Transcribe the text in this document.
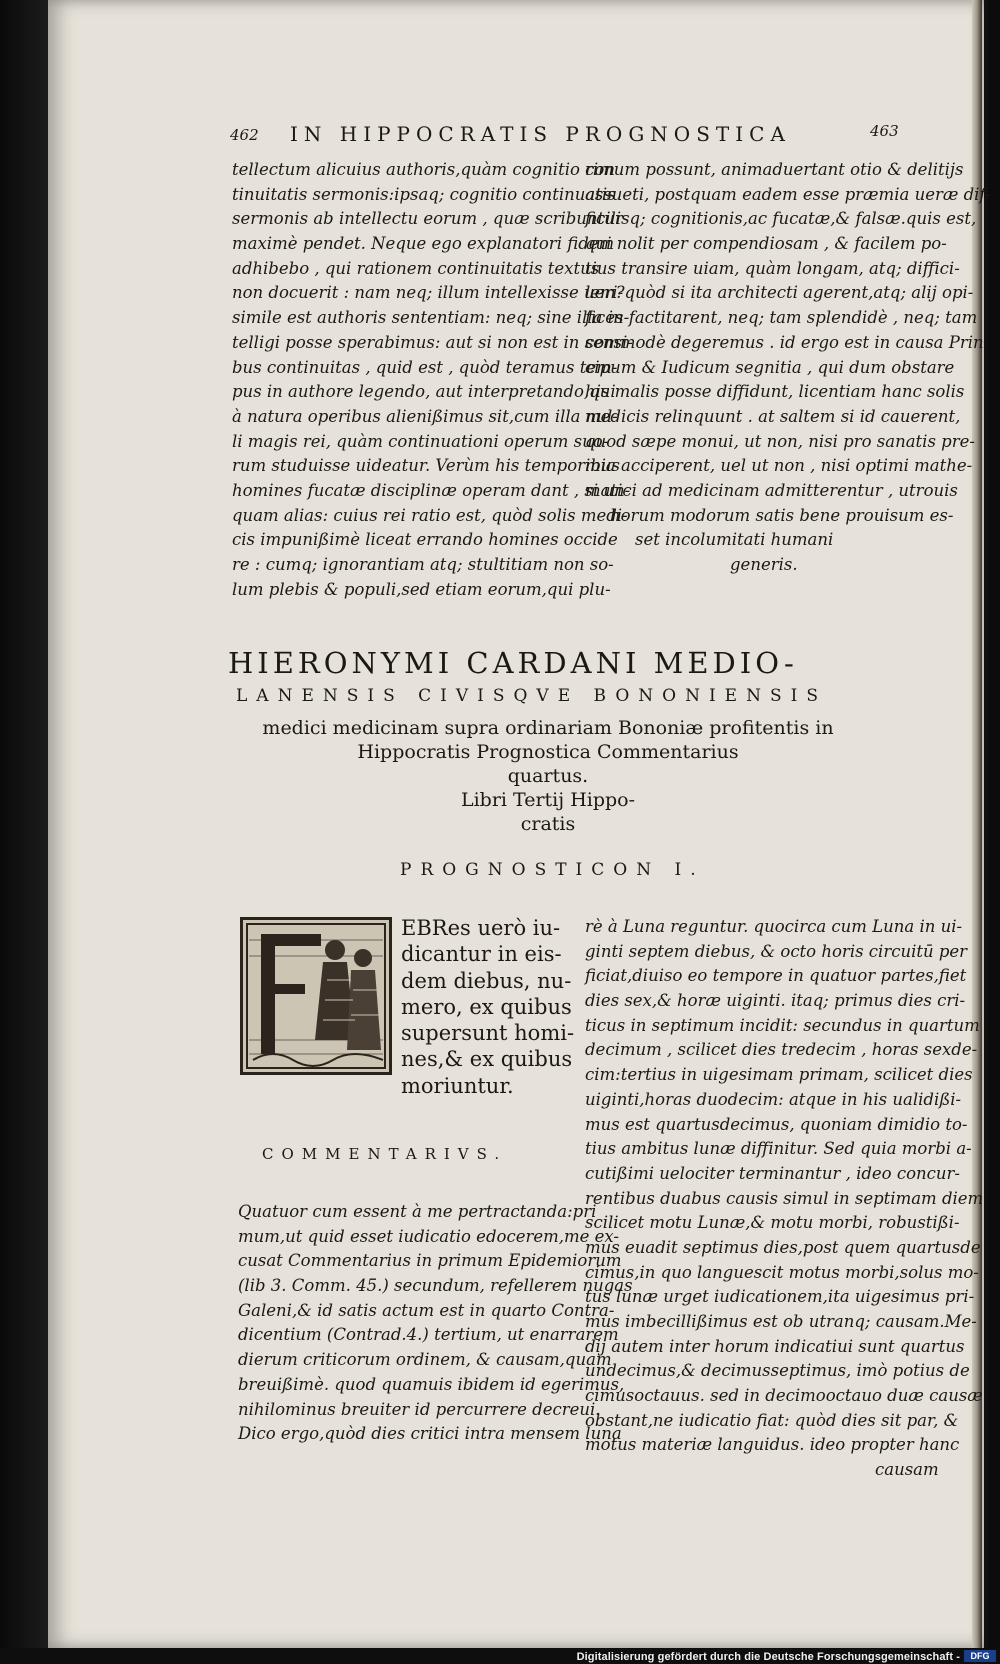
462 IN HIPPOCRATIS PROGNOSTICA	463
tellectum alicuius authoris,quàm cognitio con
tinuitatis sermonis:ipsaq; cognitio continuatis
sermonis ab intellectu eorum , quæ scribuntur
maximè pendet. Neque ego explanatori fidem
adhibebo , qui rationem continuitatis textus
non docuerit : nam neq; illum intellexisse ueri-
simile est authoris sententiam: neq; sine illa in-
telligi posse sperabimus: aut si non est in sensi-
bus continuitas , quid est , quòd teramus tem-
pus in authore legendo, aut interpretando,qui
à natura operibus alienißimus sit,cum illa nul-
li magis rei, quàm continuationi operum suo-
rum studuisse uideatur. Verùm his temporibus
homines fucatæ disciplinæ operam dant , si un-
quam alias: cuius rei ratio est, quòd solis medi-
cis impunißimè liceat errando homines occide
re : cumq; ignorantiam atq; stultitiam non so-
lum plebis & populi,sed etiam eorum,qui plu-
rimum possunt, animaduertant otio & delitijs
assueti, postquam eadem esse præmia ueræ dif-
ficilisq; cognitionis,ac fucatæ,& falsæ.quis est,
qui nolit per compendiosam , & facilem po-
tius transire uiam, quàm longam, atq; diffici-
lem?quòd si ita architecti agerent,atq; alij opi-
fices factitarent, neq; tam splendidè , neq; tam
commodè degeremus . id ergo est in causa Prin
cipum & Iudicum segnitia , qui dum obstare
his malis posse diffidunt, licentiam hanc solis
medicis relinquunt . at saltem si id cauerent,
quod sæpe monui, ut non, nisi pro sanatis pre-
mia acciperent, uel ut non , nisi optimi mathe-
matici ad medicinam admitterentur , utrouis
horum modorum satis bene prouisum es-
set incolumitati humani
generis.
HIERONYMI CARDANI MEDIO-
LANENSIS CIVISQVE BONONIENSIS
medici medicinam supra ordinariam Bononiæ profitentis in
Hippocratis Prognostica Commentarius
quartus.
Libri Tertij Hippo-
cratis
PROGNOSTICON I.
EBRes uerò iu-
dicantur in eis-
dem diebus, nu-
mero, ex quibus
supersunt homi-
nes,& ex quibus
moriuntur.
COMMENTARIVS.
Quatuor cum essent à me pertractanda:pri
mum,ut quid esset iudicatio edocerem,me ex-
cusat Commentarius in primum Epidemiorum
(lib 3. Comm. 45.) secundum, refellerem nugas
Galeni,& id satis actum est in quarto Contra-
dicentium (Contrad.4.) tertium, ut enarrarem
dierum criticorum ordinem, & causam,quam
breuißimè. quod quamuis ibidem id egerimus,
nihilominus breuiter id percurrere decreui.
Dico ergo,quòd dies critici intra mensem luna
rè à Luna reguntur. quocirca cum Luna in ui-
ginti septem diebus, & octo horis circuitū per
ficiat,diuiso eo tempore in quatuor partes,fiet
dies sex,& horæ uiginti. itaq; primus dies cri-
ticus in septimum incidit: secundus in quartum
decimum , scilicet dies tredecim , horas sexde-
cim:tertius in uigesimam primam, scilicet dies
uiginti,horas duodecim: atque in his ualidißi-
mus est quartusdecimus, quoniam dimidio to-
tius ambitus lunæ diffinitur. Sed quia morbi a-
cutißimi uelociter terminantur , ideo concur-
rentibus duabus causis simul in septimam diem
scilicet motu Lunæ,& motu morbi, robustißi-
mus euadit septimus dies,post quem quartusde
cimus,in quo languescit motus morbi,solus mo-
tus lunæ urget iudicationem,ita uigesimus pri-
mus imbecillißimus est ob utranq; causam.Me-
dij autem inter horum indicatiui sunt quartus
undecimus,& decimusseptimus, imò potius de
cimusoctauus. sed in decimooctauo duæ causæ
obstant,ne iudicatio fiat: quòd dies sit par, &
motus materiæ languidus. ideo propter hanc
causam
Digitalisierung gefördert durch die Deutsche Forschungsgemeinschaft -	DFG
